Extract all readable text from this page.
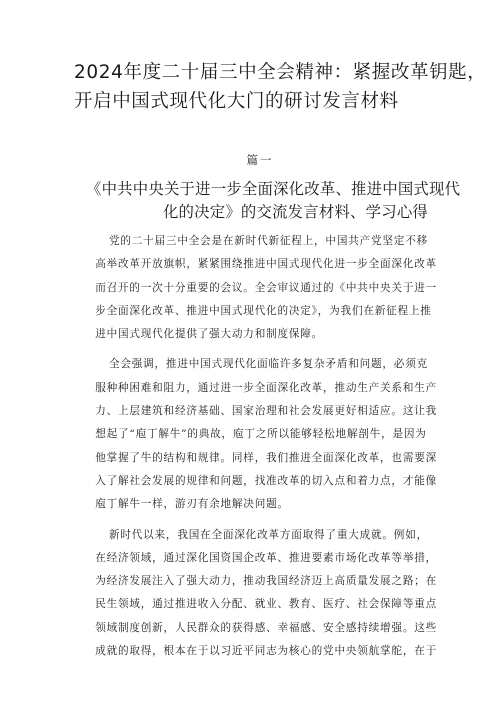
2024年度二十届三中全会精神：紧握改革钥匙，
开启中国式现代化大门的研讨发言材料
篇一
《中共中央关于进一步全面深化改革、推进中国式现代
化的决定》的交流发言材料、学习心得
党的二十届三中全会是在新时代新征程上，中国共产党坚定不移
高举改革开放旗帜，紧紧围绕推进中国式现代化进一步全面深化改革
而召开的一次十分重要的会议。全会审议通过的《中共中央关于进一
步全面深化改革、推进中国式现代化的决定》，为我们在新征程上推
进中国式现代化提供了强大动力和制度保障。
全会强调，推进中国式现代化面临许多复杂矛盾和问题，必须克
服种种困难和阻力，通过进一步全面深化改革，推动生产关系和生产
力、上层建筑和经济基础、国家治理和社会发展更好相适应。这让我
想起了“庖丁解牛”的典故，庖丁之所以能够轻松地解剖牛，是因为
他掌握了牛的结构和规律。同样，我们推进全面深化改革，也需要深
入了解社会发展的规律和问题，找准改革的切入点和着力点，才能像
庖丁解牛一样，游刃有余地解决问题。
新时代以来，我国在全面深化改革方面取得了重大成就。例如，
在经济领域，通过深化国资国企改革、推进要素市场化改革等举措，
为经济发展注入了强大动力，推动我国经济迈上高质量发展之路；在
民生领域，通过推进收入分配、就业、教育、医疗、社会保障等重点
领域制度创新，人民群众的获得感、幸福感、安全感持续增强。这些
成就的取得，根本在于以习近平同志为核心的党中央领航掌舵，在于
